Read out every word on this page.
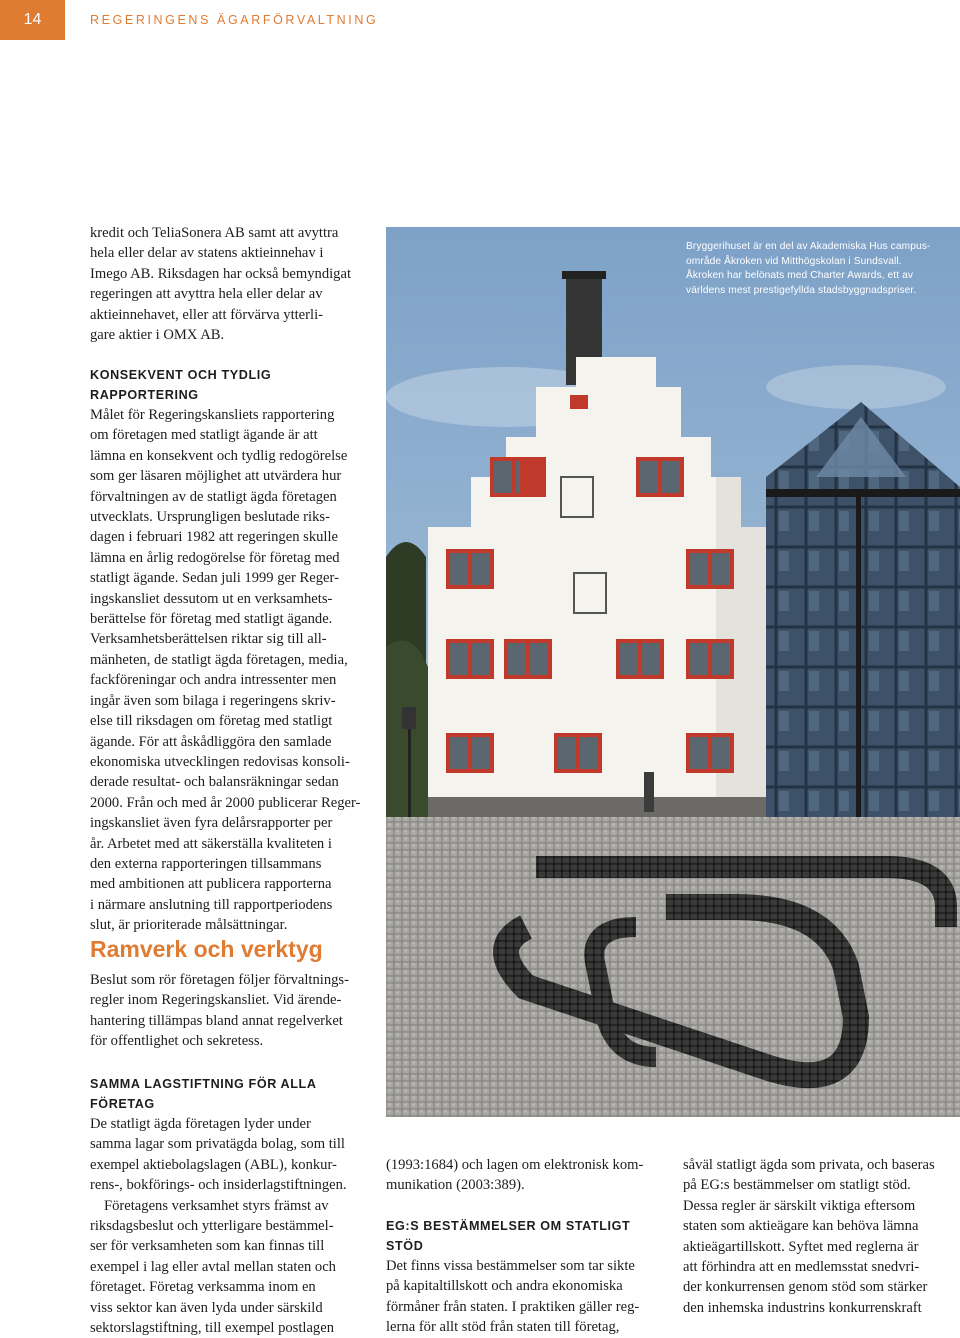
14	REGERINGENS ÄGARFÖRVALTNING

kredit och TeliaSonera AB samt att avyttra
hela eller delar av statens aktieinnehav i
Imego AB. Riksdagen har också bemyndigat
regeringen att avyttra hela eller delar av
aktieinnehavet, eller att förvärva ytterli-
gare aktier i OMX AB.

KONSEKVENT OCH TYDLIG RAPPORTERING

Målet för Regeringskansliets rapportering
om företagen med statligt ägande är att
lämna en konsekvent och tydlig redogörelse
som ger läsaren möjlighet att utvärdera hur
förvaltningen av de statligt ägda företagen
utvecklats. Ursprungligen beslutade riks-
dagen i februari 1982 att regeringen skulle
lämna en årlig redogörelse för företag med
statligt ägande. Sedan juli 1999 ger Reger-
ingskansliet dessutom ut en verksamhets-
berättelse för företag med statligt ägande.
Verksamhetsberättelsen riktar sig till all-
mänheten, de statligt ägda företagen, media,
fackföreningar och andra intressenter men
ingår även som bilaga i regeringens skriv-
else till riksdagen om företag med statligt
ägande. För att åskådliggöra den samlade
ekonomiska utvecklingen redovisas konsoli-
derade resultat- och balansräkningar sedan
2000. Från och med år 2000 publicerar Reger-
ingskansliet även fyra delårsrapporter per
år. Arbetet med att säkerställa kvaliteten i
den externa rapporteringen tillsammans
med ambitionen att publicera rapporterna
i närmare anslutning till rapportperiodens
slut, är prioriterade målsättningar.

Ramverk och verktyg

Beslut som rör företagen följer förvaltnings-
regler inom Regeringskansliet. Vid ärende-
hantering tillämpas bland annat regelverket
för offentlighet och sekretess.

SAMMA LAGSTIFTNING FÖR ALLA FÖRETAG

De statligt ägda företagen lyder under
samma lagar som privatägda bolag, som till
exempel aktiebolagslagen (ABL), konkur-
rens-, bokförings- och insiderlagstiftningen.

Företagens verksamhet styrs främst av
riksdagsbeslut och ytterligare bestämmel-
ser för verksamheten som kan finnas till
exempel i lag eller avtal mellan staten och
företaget. Företag verksamma inom en
viss sektor kan även lyda under särskild
sektorslagstiftning, till exempel postlagen

Bryggerihuset är en del av Akademiska Hus campus-
område Åkroken vid Mitthögskolan i Sundsvall.
Åkroken har belönats med Charter Awards, ett av
världens mest prestigefyllda stadsbyggnadspriser.

(1993:1684) och lagen om elektronisk kom-
munikation (2003:389).

EG:S BESTÄMMELSER OM STATLIGT STÖD

Det finns vissa bestämmelser som tar sikte
på kapitaltillskott och andra ekonomiska
förmåner från staten. I praktiken gäller reg-
lerna för allt stöd från staten till företag,

såväl statligt ägda som privata, och baseras
på EG:s bestämmelser om statligt stöd.
Dessa regler är särskilt viktiga eftersom
staten som aktieägare kan behöva lämna
aktieägartillskott. Syftet med reglerna är
att förhindra att en medlemsstat snedvri-
der konkurrensen genom stöd som stärker
den inhemska industrins konkurrenskraft
